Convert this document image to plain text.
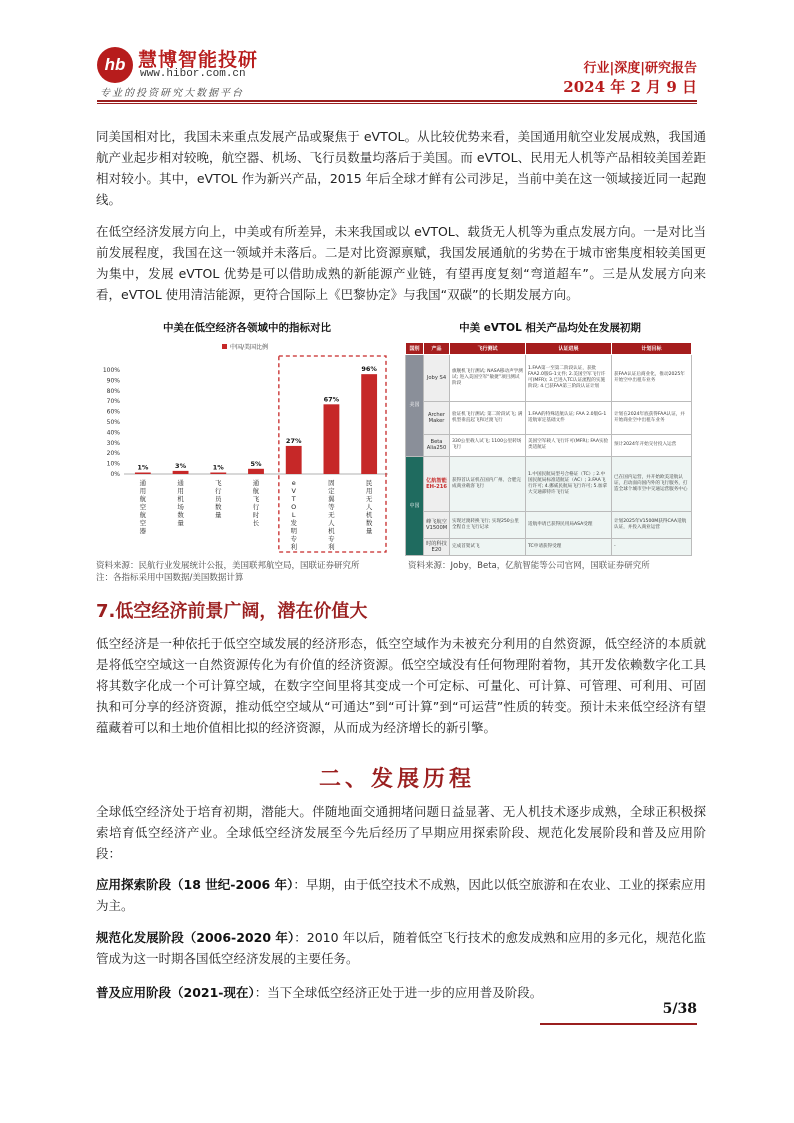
hb 慧博智能投研
www.hibor.com.cn
专业的投资研究大数据平台
行业|深度|研究报告
2024 年 2 月 9 日

同美国相对比，我国未来重点发展产品或聚焦于 eVTOL。从比较优势来看，美国通用航空业发展成熟，我国通航产业起步相对较晚，航空器、机场、飞行员数量均落后于美国。而 eVTOL、民用无人机等产品相较美国差距相对较小。其中，eVTOL 作为新兴产品，2015 年后全球才鲜有公司涉足，当前中美在这一领域接近同一起跑线。

在低空经济发展方向上，中美或有所差异，未来我国或以 eVTOL、载货无人机等为重点发展方向。一是对比当前发展程度，我国在这一领域并未落后。二是对比资源禀赋，我国发展通航的劣势在于城市密集度相较美国更为集中，发展 eVTOL 优势是可以借助成熟的新能源产业链，有望再度复刻“弯道超车”。三是从发展方向来看，eVTOL 使用清洁能源，更符合国际上《巴黎协定》与我国“双碳”的长期发展方向。

中美在低空经济各领域中的指标对比
中国/美国比例
0%
10%
20%
30%
40%
50%
60%
70%
80%
90%
100%
1%
通
用
航
空
航
空
器
3%
通
用
机
场
数
量
1%
飞
行
员
数
量
5%
通
航
飞
行
时
长
27%
e
V
T
O
L
发
明
专
利
67%
固
定
翼
等
无
人
机
专
利
96%
民
用
无
人
机
数
量
资料来源：民航行业发展统计公报，美国联邦航空局，国联证券研究所
注：各指标采用中国数据/美国数据计算
中美 eVTOL 相关产品均处在发展初期
国别	产品	飞行测试	认证进展	计划目标
美国	Joby S4	旗舰机飞行测试; NASA移动声学测试; 进入美国空军“敏捷”项目测试阶段	1.FAA第一至第二阶段认证，获批 FAA2.0版G-1文件; 2.美国空军飞行许可(MFR); 3.已进入TC认证流程的实施阶段; 4.已获FAA第三阶段认证计划	获FAA认证后商业化，推动2025年开始空中出租车业务
	Archer Maker	验证机飞行测试; 第二阶段试飞; 满机型垂直起飞和过渡飞行	1.FAA的特殊适航认证; FAA 2.0版G-1适航审定基础文件	计划在2024年底获得FAA认证，并开始商业空中出租车业务
	Beta Alia250	330公里载人试飞; 1100公里转场飞行	美国空军载人飞行许可(MFR); FAA实验类适航证	预计2024年开始交付投入运营
中国	亿航智能 EH-216	获得首认证机在国内广州、合肥完成商业载客飞行	1.中国民航局型号合格证（TC）; 2.中国民航局标准适航证（AC）; 3.FAA飞行许可; 4.挪威民航局飞行许可; 5.加拿大交通部特许飞行证	已在国内运营，并开始欧美适航认证，启动面向国内外的飞行服务，打造全球个城市空中交通运营服务中心
	峰飞航空 V1500M	实现过渡转换飞行; 实现250公里全程自主飞行记录	适航申请已获得民用局ASA受理	计划2025年V1500M获得CAA适航认证，并投入商业运营
	时的科技 E20	完成首架试飞	TC申请获得受理	-
资料来源：Joby，Beta，亿航智能等公司官网，国联证券研究所
7.低空经济前景广阔，潜在价值大

低空经济是一种依托于低空空域发展的经济形态，低空空域作为未被充分利用的自然资源，低空经济的本质就是将低空空域这一自然资源传化为有价值的经济资源。低空空域没有任何物理附着物，其开发依赖数字化工具将其数字化成一个可计算空域，在数字空间里将其变成一个可定标、可量化、可计算、可管理、可利用、可固执和可分享的经济资源，推动低空空域从“可通达”到“可计算”到“可运营”性质的转变。预计未来低空经济有望蕴藏着可以和土地价值相比拟的经济资源，从而成为经济增长的新引擎。

二、发展历程

全球低空经济处于培育初期，潜能大。伴随地面交通拥堵问题日益显著、无人机技术逐步成熟，全球正积极探索培育低空经济产业。全球低空经济发展至今先后经历了早期应用探索阶段、规范化发展阶段和普及应用阶段：

应用探索阶段（18 世纪-2006 年）：早期，由于低空技术不成熟，因此以低空旅游和在农业、工业的探索应用为主。

规范化发展阶段（2006-2020 年）：2010 年以后，随着低空飞行技术的愈发成熟和应用的多元化，规范化监管成为这一时期各国低空经济发展的主要任务。

普及应用阶段（2021-现在）：当下全球低空经济正处于进一步的应用普及阶段。

5/38
